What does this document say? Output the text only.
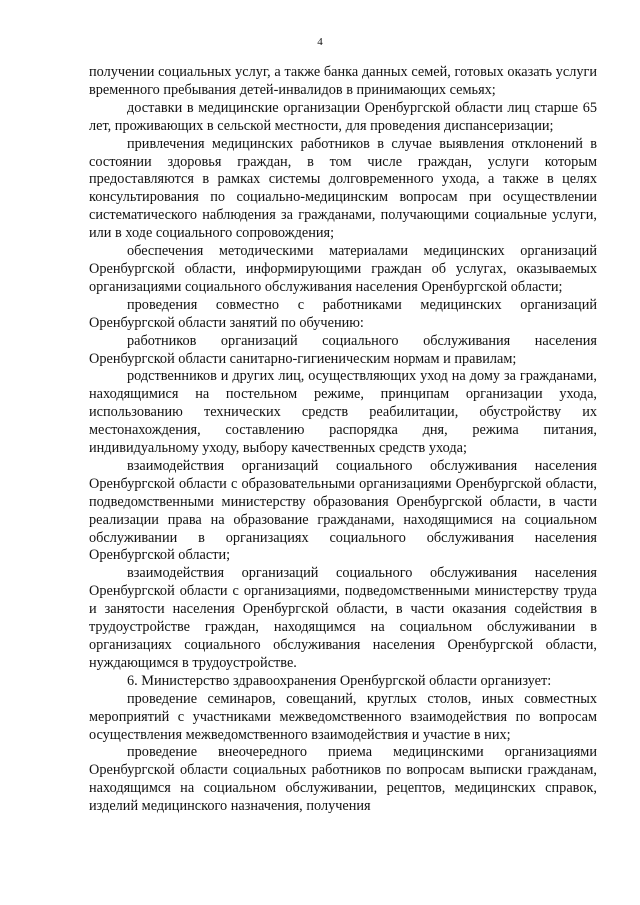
4

получении социальных услуг, а также банка данных семей, готовых оказать услуги временного пребывания детей-инвалидов в принимающих семьях;

доставки в медицинские организации Оренбургской области лиц старше 65 лет, проживающих в сельской местности, для проведения диспансеризации;

привлечения медицинских работников в случае выявления отклонений в состоянии здоровья граждан, в том числе граждан, услуги которым предоставляются в рамках системы долговременного ухода, а также в целях консультирования по социально-медицинским вопросам при осуществлении систематического наблюдения за гражданами, получающими социальные услуги, или в ходе социального сопровождения;

обеспечения методическими материалами медицинских организаций Оренбургской области, информирующими граждан об услугах, оказываемых организациями социального обслуживания населения Оренбургской области;

проведения совместно с работниками медицинских организаций Оренбургской области занятий по обучению:

работников организаций социального обслуживания населения Оренбургской области санитарно-гигиеническим нормам и правилам;

родственников и других лиц, осуществляющих уход на дому за гражданами, находящимися на постельном режиме, принципам организации ухода, использованию технических средств реабилитации, обустройству их местонахождения, составлению распорядка дня, режима питания, индивидуальному уходу, выбору качественных средств ухода;

взаимодействия организаций социального обслуживания населения Оренбургской области с образовательными организациями Оренбургской области, подведомственными министерству образования Оренбургской области, в части реализации права на образование гражданами, находящимися на социальном обслуживании в организациях социального обслуживания населения Оренбургской области;

взаимодействия организаций социального обслуживания населения Оренбургской области с организациями, подведомственными министерству труда и занятости населения Оренбургской области, в части оказания содействия в трудоустройстве граждан, находящимся на социальном обслуживании в организациях социального обслуживания населения Оренбургской области, нуждающимся в трудоустройстве.

6. Министерство здравоохранения Оренбургской области организует:

проведение семинаров, совещаний, круглых столов, иных совместных мероприятий с участниками межведомственного взаимодействия по вопросам осуществления межведомственного взаимодействия и участие в них;

проведение внеочередного приема медицинскими организациями Оренбургской области социальных работников по вопросам выписки гражданам, находящимся на социальном обслуживании, рецептов, медицинских справок, изделий медицинского назначения, получения
